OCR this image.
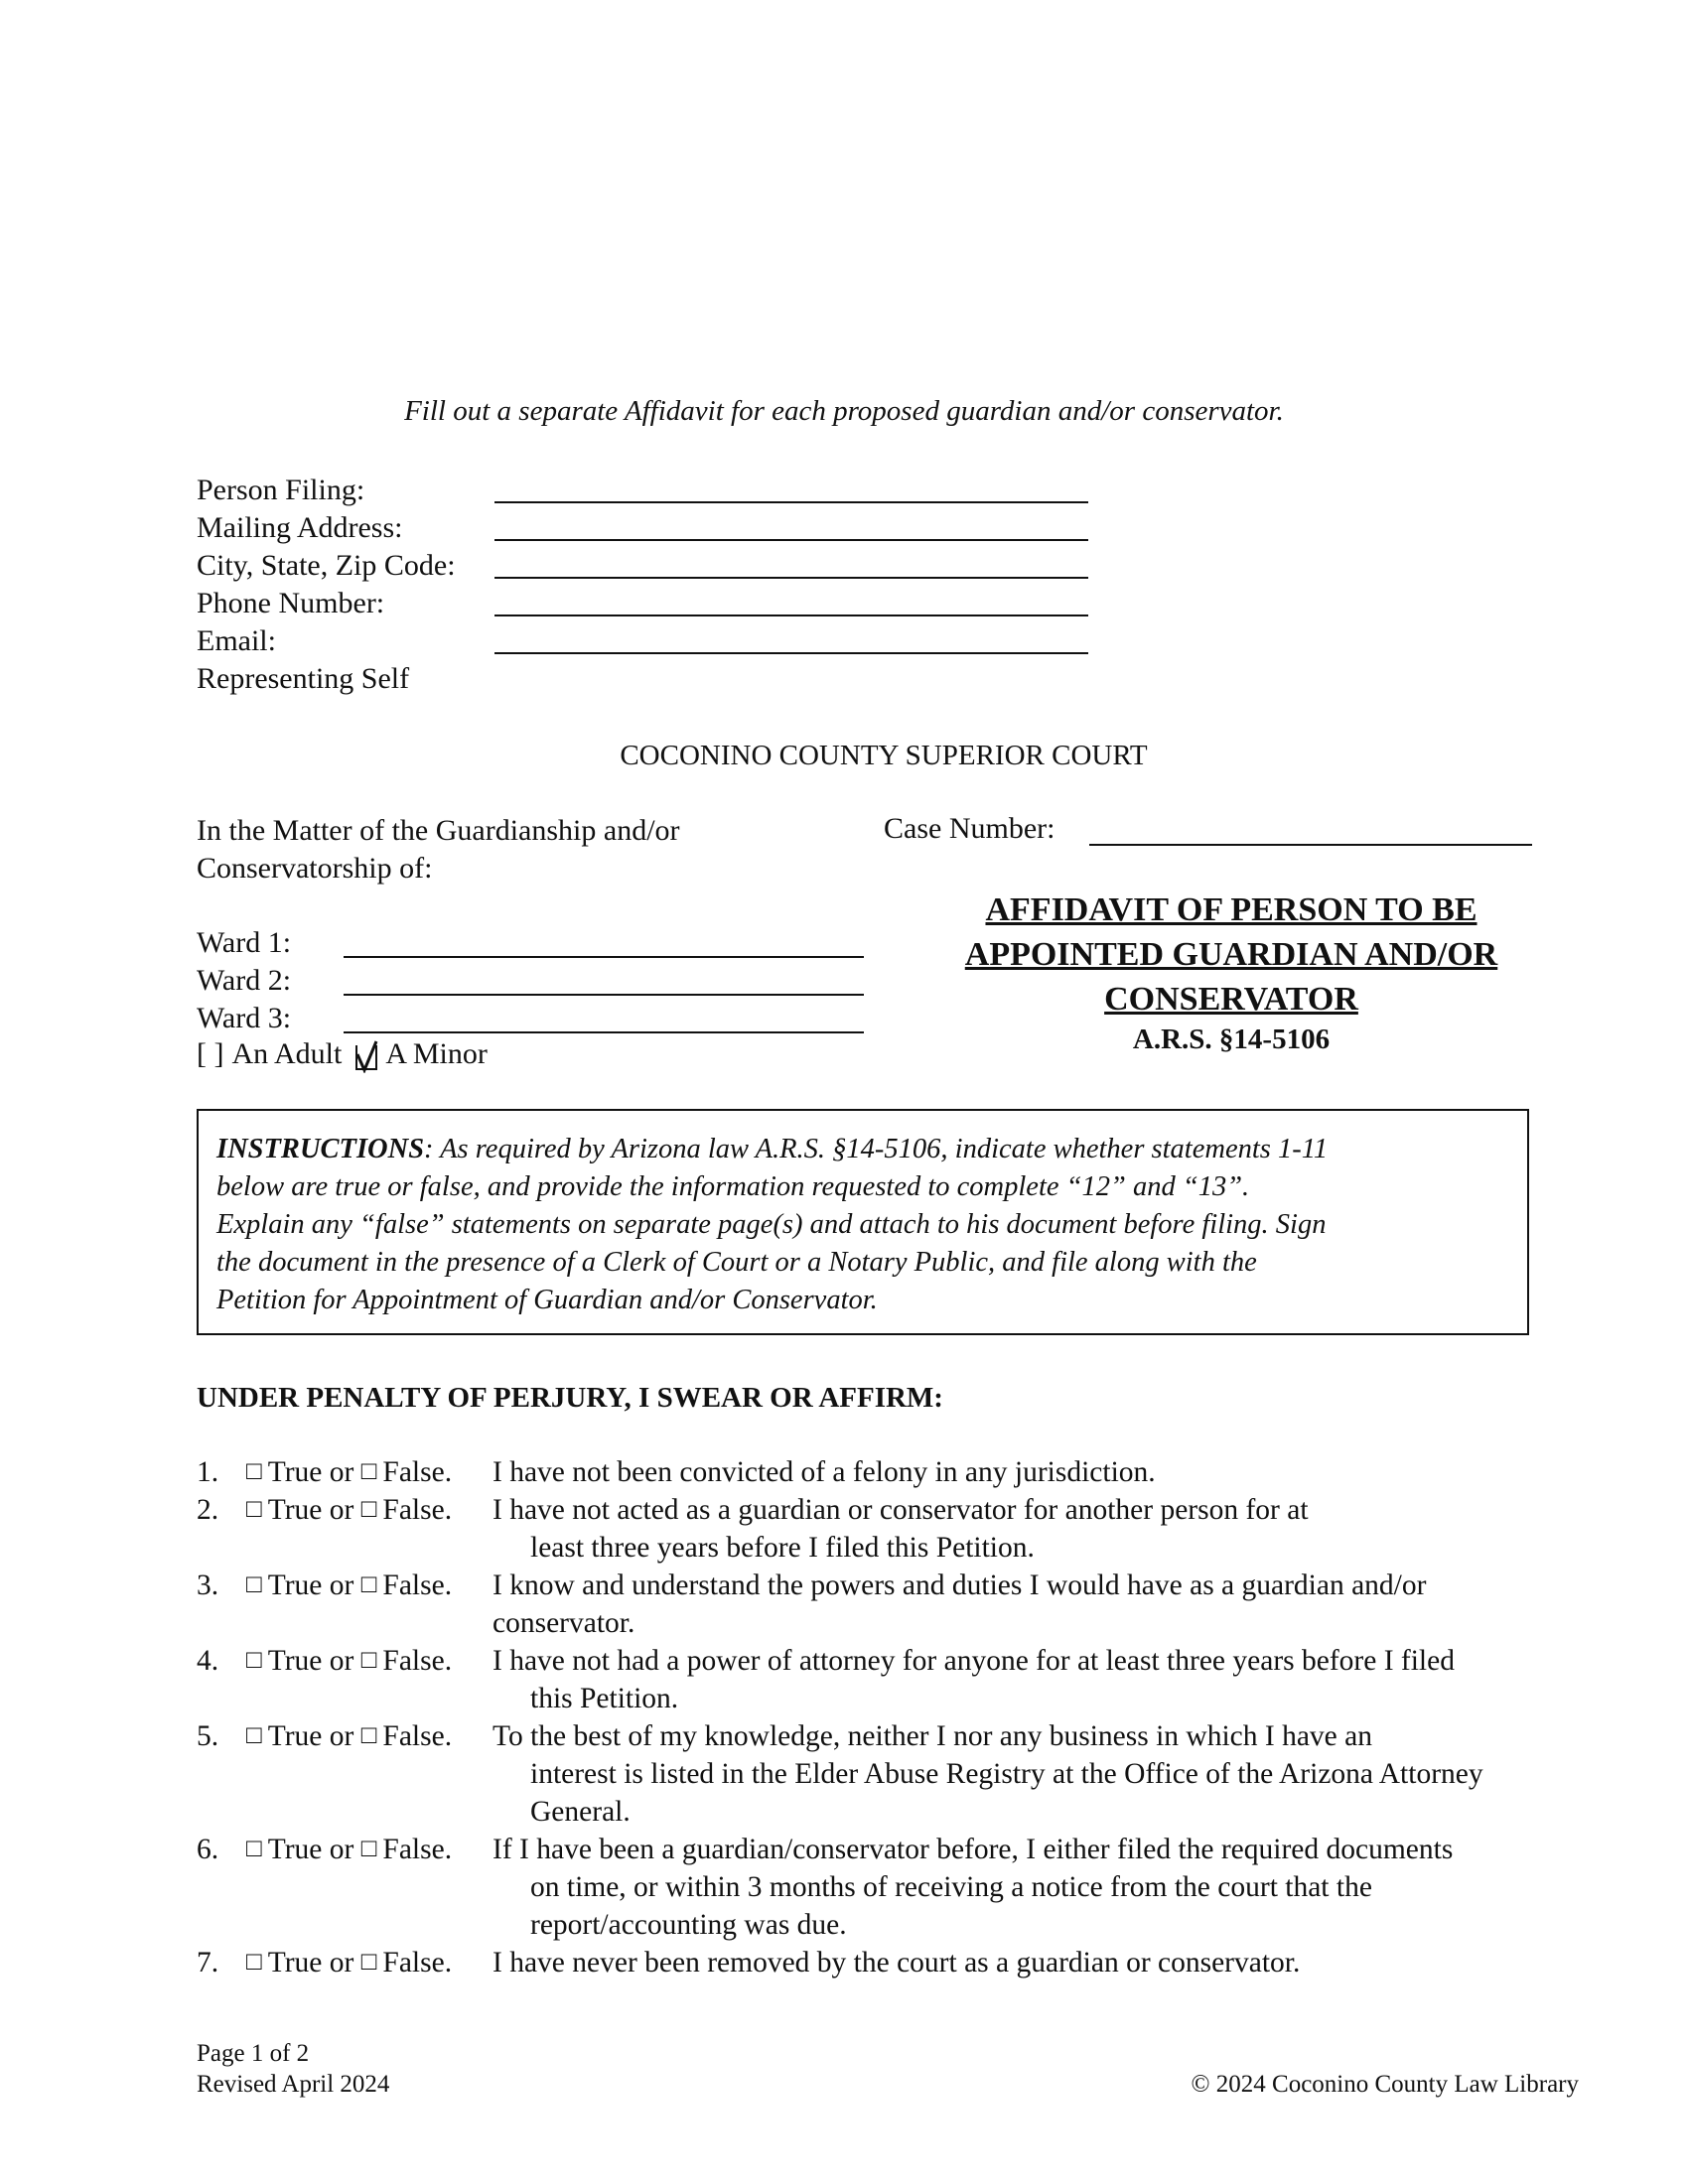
Fill out a separate Affidavit for each proposed guardian and/or conservator.
Person Filing:
Mailing Address:
City, State, Zip Code:
Phone Number:
Email:
Representing Self
COCONINO COUNTY SUPERIOR COURT
In the Matter of the Guardianship and/or
Conservatorship of:
Case Number:
AFFIDAVIT OF PERSON TO BE
APPOINTED GUARDIAN AND/OR
CONSERVATOR
A.R.S. §14-5106
Ward 1:
Ward 2:
Ward 3:
[ ] An Adult A Minor
INSTRUCTIONS: As required by Arizona law A.R.S. §14-5106, indicate whether statements 1-11
below are true or false, and provide the information requested to complete “12” and “13”.
Explain any “false” statements on separate page(s) and attach to his document before filing. Sign
the document in the presence of a Clerk of Court or a Notary Public, and file along with the
Petition for Appointment of Guardian and/or Conservator.
UNDER PENALTY OF PERJURY, I SWEAR OR AFFIRM:
1. □ True or □ False. I have not been convicted of a felony in any jurisdiction.
2. □ True or □ False. I have not acted as a guardian or conservator for another person for at
least three years before I filed this Petition.
3. □ True or □ False. I know and understand the powers and duties I would have as a guardian and/or
conservator.
4. □ True or □ False. I have not had a power of attorney for anyone for at least three years before I filed
this Petition.
5. □ True or □ False. To the best of my knowledge, neither I nor any business in which I have an
interest is listed in the Elder Abuse Registry at the Office of the Arizona Attorney
General.
6. □ True or □ False. If I have been a guardian/conservator before, I either filed the required documents
on time, or within 3 months of receiving a notice from the court that the
report/accounting was due.
7. □ True or □ False. I have never been removed by the court as a guardian or conservator.
Page 1 of 2
Revised April 2024	© 2024 Coconino County Law Library
